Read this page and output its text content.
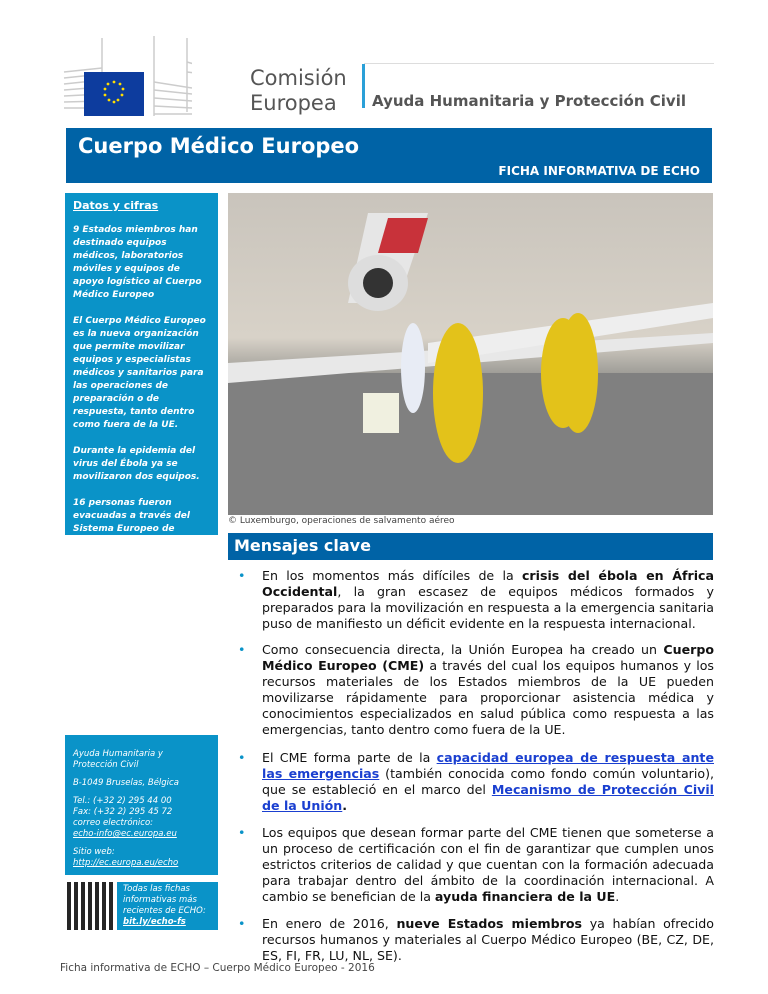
Comisión
Europea	Ayuda Humanitaria y Protección Civil
Cuerpo Médico Europeo
FICHA INFORMATIVA DE ECHO
Datos y cifras

9 Estados miembros han destinado equipos médicos, laboratorios móviles y equipos de apoyo logístico al Cuerpo Médico Europeo

El Cuerpo Médico Europeo es la nueva organización que permite movilizar equipos y especialistas médicos y sanitarios para las operaciones de preparación o de respuesta, tanto dentro como fuera de la UE.

Durante la epidemia del virus del Ébola ya se movilizaron dos equipos.

16 personas fueron evacuadas a través del Sistema Europeo de Evacuación Medica

© Luxemburgo, operaciones de salvamento aéreo
Mensajes clave
• En los momentos más difíciles de la crisis del ébola en África Occidental, la gran escasez de equipos médicos formados y preparados para la movilización en respuesta a la emergencia sanitaria puso de manifiesto un déficit evidente en la respuesta internacional.
• Como consecuencia directa, la Unión Europea ha creado un Cuerpo Médico Europeo (CME) a través del cual los equipos humanos y los recursos materiales de los Estados miembros de la UE pueden movilizarse rápidamente para proporcionar asistencia médica y conocimientos especializados en salud pública como respuesta a las emergencias, tanto dentro como fuera de la UE.
• El CME forma parte de la capacidad europea de respuesta ante las emergencias (también conocida como fondo común voluntario), que se estableció en el marco del Mecanismo de Protección Civil de la Unión.
• Los equipos que desean formar parte del CME tienen que someterse a un proceso de certificación con el fin de garantizar que cumplen unos estrictos criterios de calidad y que cuentan con la formación adecuada para trabajar dentro del ámbito de la coordinación internacional. A cambio se benefician de la ayuda financiera de la UE.
• En enero de 2016, nueve Estados miembros ya habían ofrecido recursos humanos y materiales al Cuerpo Médico Europeo (BE, CZ, DE, ES, FI, FR, LU, NL, SE).

Ayuda Humanitaria y Protección Civil

B-1049 Bruselas, Bélgica

Tel.: (+32 2) 295 44 00
Fax: (+32 2) 295 45 72
correo electrónico:
echo-info@ec.europa.eu

Sitio web:
http://ec.europa.eu/echo

Todas las fichas informativas más recientes de ECHO:
bit.ly/echo-fs
Ficha informativa de ECHO – Cuerpo Médico Europeo - 2016
